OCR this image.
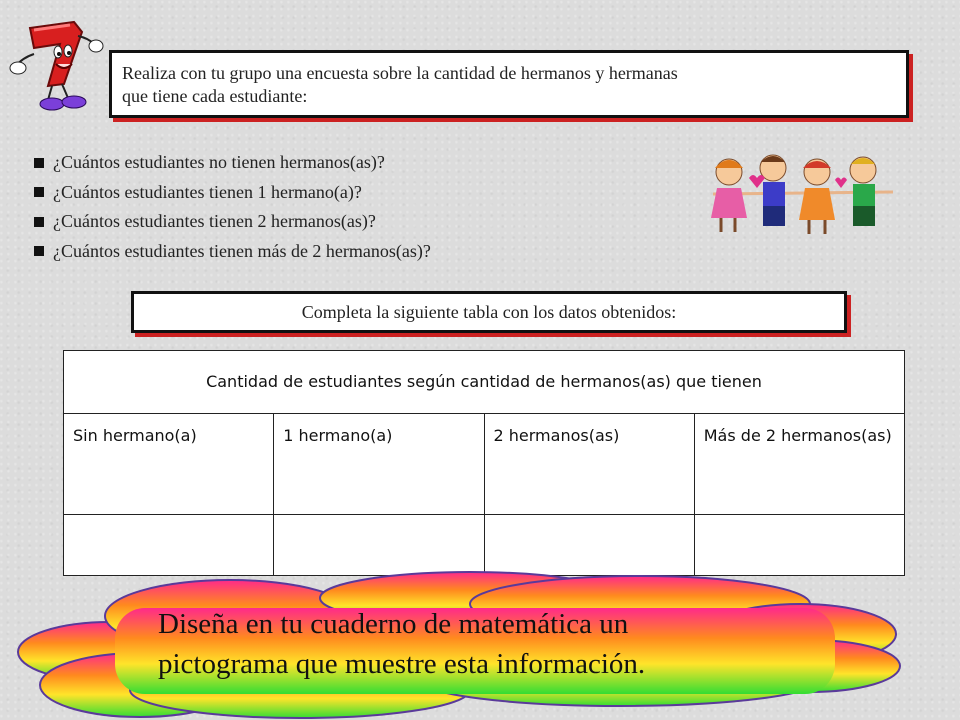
Realiza con tu grupo una encuesta sobre la cantidad de hermanos y hermanas
que tiene cada estudiante:
¿Cuántos estudiantes no tienen hermanos(as)?
¿Cuántos estudiantes tienen 1 hermano(a)?
¿Cuántos estudiantes tienen 2 hermanos(as)?
¿Cuántos estudiantes tienen más de 2 hermanos(as)?
Completa la siguiente tabla con los datos obtenidos:
Cantidad de estudiantes según cantidad de hermanos(as) que tienen			

Sin hermano(a)	1 hermano(a)	2 hermanos(as)	Más de 2 hermanos(as)

Diseña en tu cuaderno de matemática un
pictograma que muestre esta información.
